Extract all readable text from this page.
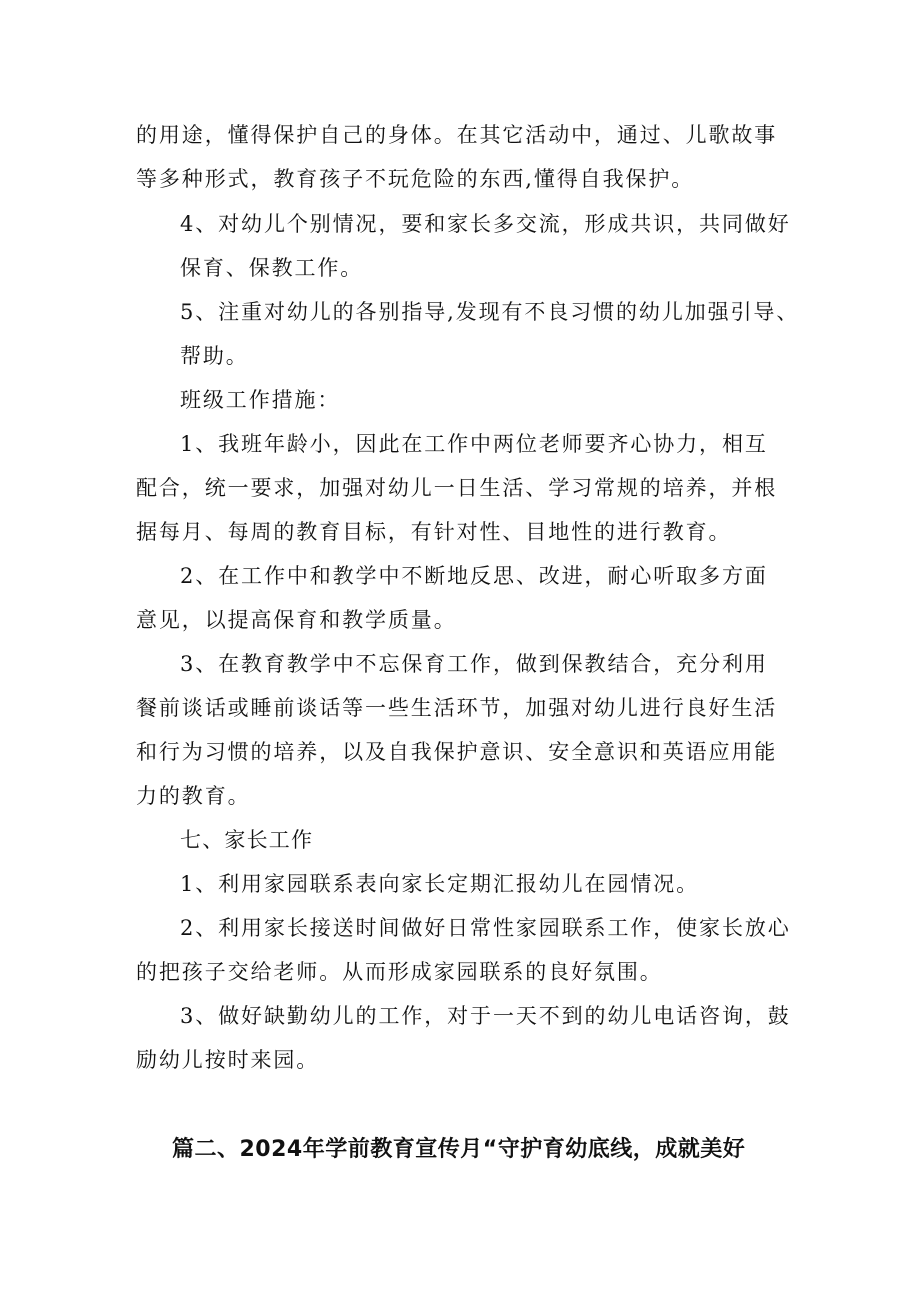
的用途，懂得保护自己的身体。在其它活动中，通过、儿歌故事

等多种形式，教育孩子不玩危险的东西,懂得自我保护。

4、对幼儿个别情况，要和家长多交流，形成共识，共同做好

保育、保教工作。

5、注重对幼儿的各别指导,发现有不良习惯的幼儿加强引导、

帮助。

班级工作措施：

1、我班年龄小，因此在工作中两位老师要齐心协力，相互

配合，统一要求，加强对幼儿一日生活、学习常规的培养，并根

据每月、每周的教育目标，有针对性、目地性的进行教育。

2、在工作中和教学中不断地反思、改进，耐心听取多方面

意见，以提高保育和教学质量。

3、在教育教学中不忘保育工作，做到保教结合，充分利用

餐前谈话或睡前谈话等一些生活环节，加强对幼儿进行良好生活

和行为习惯的培养，以及自我保护意识、安全意识和英语应用能

力的教育。

七、家长工作

1、利用家园联系表向家长定期汇报幼儿在园情况。

2、利用家长接送时间做好日常性家园联系工作，使家长放心

的把孩子交给老师。从而形成家园联系的良好氛围。

3、做好缺勤幼儿的工作，对于一天不到的幼儿电话咨询，鼓

励幼儿按时来园。

篇二、2024年学前教育宣传月“守护育幼底线，成就美好
